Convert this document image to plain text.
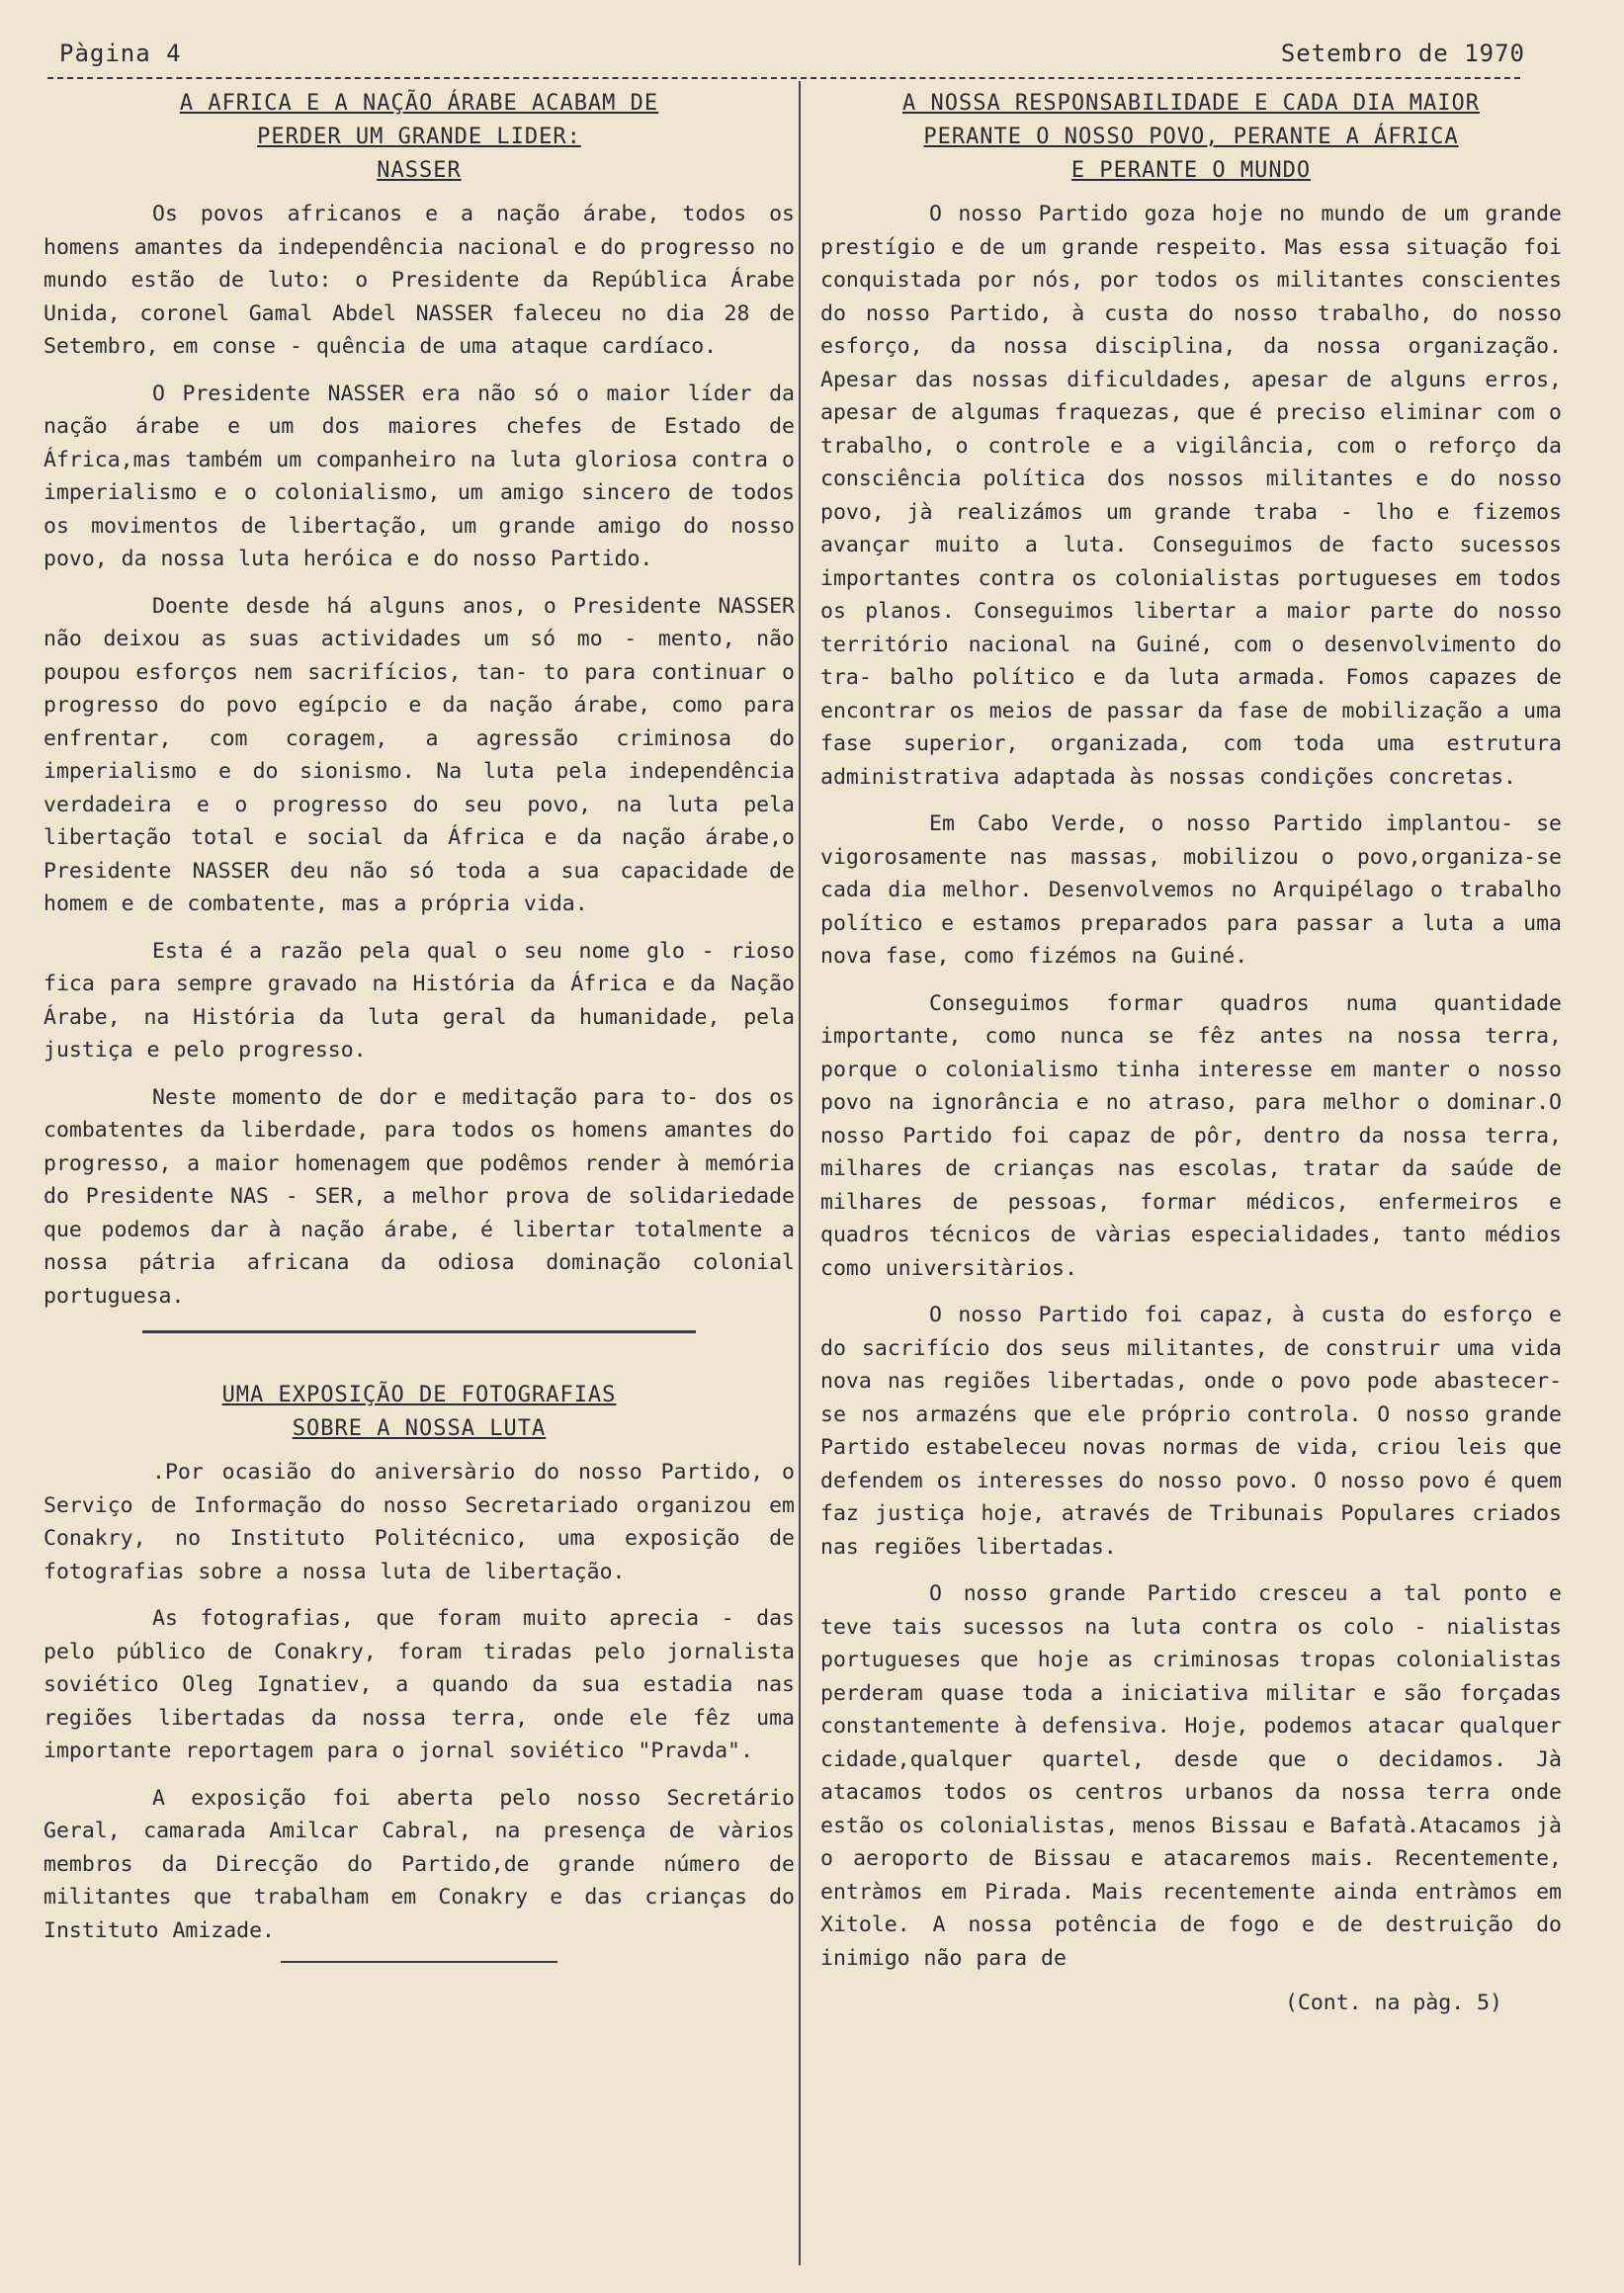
Pàgina 4	Setembro de 1970
A AFRICA E A NAÇÃO ÁRABE ACABAM DE
PERDER UM GRANDE LIDER:
NASSER

Os povos africanos e a nação árabe, todos os homens amantes da independência nacional e do progresso no mundo estão de luto: o Presidente da República Árabe Unida, coronel Gamal Abdel NASSER faleceu no dia 28 de Setembro, em conse - quência de uma ataque cardíaco.

O Presidente NASSER era não só o maior líder da nação árabe e um dos maiores chefes de Estado de África,mas também um companheiro na luta gloriosa contra o imperialismo e o colonialismo, um amigo sincero de todos os movimentos de libertação, um grande amigo do nosso povo, da nossa luta heróica e do nosso Partido.

Doente desde há alguns anos, o Presidente NASSER não deixou as suas actividades um só mo - mento, não poupou esforços nem sacrifícios, tan- to para continuar o progresso do povo egípcio e da nação árabe, como para enfrentar, com coragem, a agressão criminosa do imperialismo e do sionismo. Na luta pela independência verdadeira e o progresso do seu povo, na luta pela libertação total e social da África e da nação árabe,o Presidente NASSER deu não só toda a sua capacidade de homem e de combatente, mas a própria vida.

Esta é a razão pela qual o seu nome glo - rioso fica para sempre gravado na História da África e da Nação Árabe, na História da luta geral da humanidade, pela justiça e pelo progresso.

Neste momento de dor e meditação para to- dos os combatentes da liberdade, para todos os homens amantes do progresso, a maior homenagem que podêmos render à memória do Presidente NAS - SER, a melhor prova de solidariedade que podemos dar à nação árabe, é libertar totalmente a nossa pátria africana da odiosa dominação colonial portuguesa.

UMA EXPOSIÇÃO DE FOTOGRAFIAS
SOBRE A NOSSA LUTA

.Por ocasião do aniversàrio do nosso Partido, o Serviço de Informação do nosso Secretariado organizou em Conakry, no Instituto Politécnico, uma exposição de fotografias sobre a nossa luta de libertação.

As fotografias, que foram muito aprecia - das pelo público de Conakry, foram tiradas pelo jornalista soviético Oleg Ignatiev, a quando da sua estadia nas regiões libertadas da nossa terra, onde ele fêz uma importante reportagem para o jornal soviético "Pravda".

A exposição foi aberta pelo nosso Secretário Geral, camarada Amilcar Cabral, na presença de vàrios membros da Direcção do Partido,de grande número de militantes que trabalham em Conakry e das crianças do Instituto Amizade.

A NOSSA RESPONSABILIDADE E CADA DIA MAIOR
PERANTE O NOSSO POVO, PERANTE A ÁFRICA
E PERANTE O MUNDO

O nosso Partido goza hoje no mundo de um grande prestígio e de um grande respeito. Mas essa situação foi conquistada por nós, por todos os militantes conscientes do nosso Partido, à custa do nosso trabalho, do nosso esforço, da nossa disciplina, da nossa organização. Apesar das nossas dificuldades, apesar de alguns erros, apesar de algumas fraquezas, que é preciso eliminar com o trabalho, o controle e a vigilância, com o reforço da consciência política dos nossos militantes e do nosso povo, jà realizámos um grande traba - lho e fizemos avançar muito a luta. Conseguimos de facto sucessos importantes contra os colonialistas portugueses em todos os planos. Conseguimos libertar a maior parte do nosso território nacional na Guiné, com o desenvolvimento do tra- balho político e da luta armada. Fomos capazes de encontrar os meios de passar da fase de mobilização a uma fase superior, organizada, com toda uma estrutura administrativa adaptada às nossas condições concretas.

Em Cabo Verde, o nosso Partido implantou- se vigorosamente nas massas, mobilizou o povo,organiza-se cada dia melhor. Desenvolvemos no Arquipélago o trabalho político e estamos preparados para passar a luta a uma nova fase, como fizémos na Guiné.

Conseguimos formar quadros numa quantidade importante, como nunca se fêz antes na nossa terra, porque o colonialismo tinha interesse em manter o nosso povo na ignorância e no atraso, para melhor o dominar.O nosso Partido foi capaz de pôr, dentro da nossa terra, milhares de crianças nas escolas, tratar da saúde de milhares de pessoas, formar médicos, enfermeiros e quadros técnicos de vàrias especialidades, tanto médios como universitàrios.

O nosso Partido foi capaz, à custa do esforço e do sacrifício dos seus militantes, de construir uma vida nova nas regiões libertadas, onde o povo pode abastecer-se nos armazéns que ele próprio controla. O nosso grande Partido estabeleceu novas normas de vida, criou leis que defendem os interesses do nosso povo. O nosso povo é quem faz justiça hoje, através de Tribunais Populares criados nas regiões libertadas.

O nosso grande Partido cresceu a tal ponto e teve tais sucessos na luta contra os colo - nialistas portugueses que hoje as criminosas tropas colonialistas perderam quase toda a iniciativa militar e são forçadas constantemente à defensiva. Hoje, podemos atacar qualquer cidade,qualquer quartel, desde que o decidamos. Jà atacamos todos os centros urbanos da nossa terra onde estão os colonialistas, menos Bissau e Bafatà.Atacamos jà o aeroporto de Bissau e atacaremos mais. Recentemente, entràmos em Pirada. Mais recentemente ainda entràmos em Xitole. A nossa potência de fogo e de destruição do inimigo não para de

(Cont. na pàg. 5)
